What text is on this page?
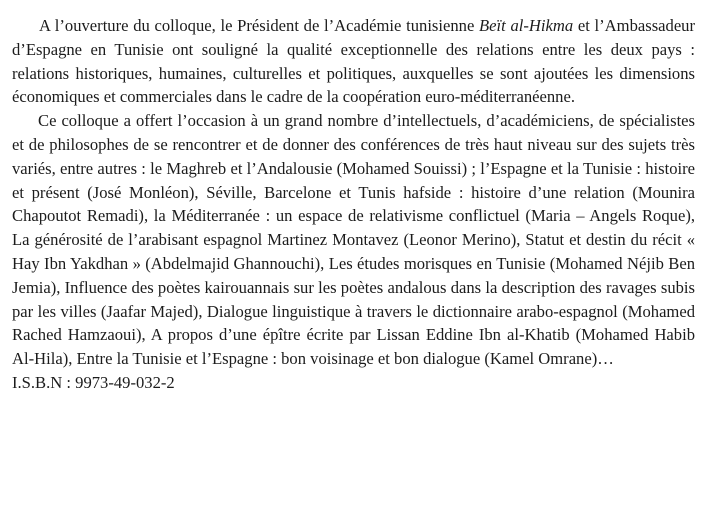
A l’ouverture du colloque, le Président de l’Académie tunisienne Beït al-Hikma et l’Ambassadeur d’Espagne en Tunisie ont souligné la qualité exceptionnelle des relations entre les deux pays : relations historiques, humaines, culturelles et politiques, auxquelles se sont ajoutées les dimensions économiques et commerciales dans le cadre de la coopération euro-méditerranéenne.

Ce colloque a offert l’occasion à un grand nombre d’intellectuels, d’académiciens, de spécialistes et de philosophes de se rencontrer et de donner des conférences de très haut niveau sur des sujets très variés, entre autres : le Maghreb et l’Andalousie (Mohamed Souissi) ; l’Espagne et la Tunisie : histoire et présent (José Monléon), Séville, Barcelone et Tunis hafside : histoire d’une relation (Mounira Chapoutot Remadi), la Méditerranée : un espace de relativisme conflictuel (Maria – Angels Roque), La générosité de l’arabisant espagnol Martinez Montavez (Leonor Merino), Statut et destin du récit « Hay Ibn Yakdhan » (Abdelmajid Ghannouchi), Les études morisques en Tunisie (Mohamed Néjib Ben Jemia), Influence des poètes kairouannais sur les poètes andalous dans la description des ravages subis par les villes (Jaafar Majed), Dialogue linguistique à travers le dictionnaire arabo-espagnol (Mohamed Rached Hamzaoui), A propos d’une épître écrite par Lissan Eddine Ibn al-Khatib (Mohamed Habib Al-Hila), Entre la Tunisie et l’Espagne : bon voisinage et bon dialogue (Kamel Omrane)…

I.S.B.N : 9973-49-032-2
